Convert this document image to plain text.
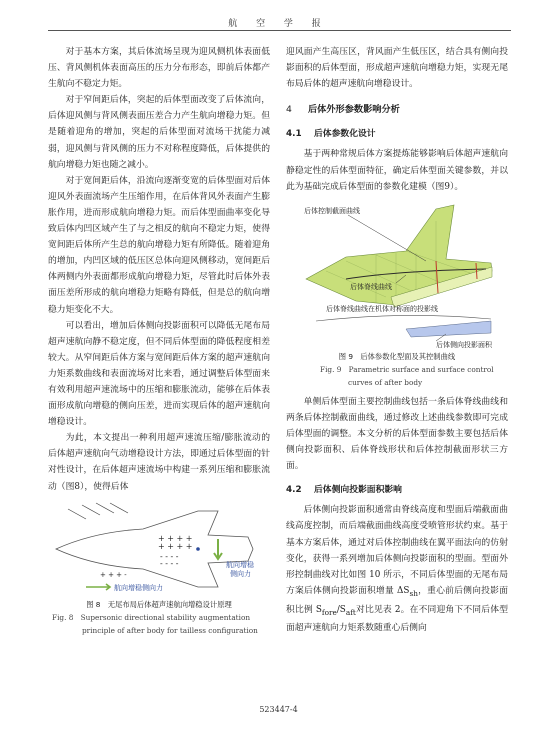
航 空 学 报

对于基本方案，其后体流场呈现为迎风侧机体表面低压、背风侧机体表面高压的压力分布形态，即前后体都产生航向不稳定力矩。

对于窄间距后体，突起的后体型面改变了后体流向，后体迎风侧与背风侧表面压差合力产生航向增稳力矩。但是随着迎角的增加，突起的后体型面对流场干扰能力减弱，迎风侧与背风侧的压力不对称程度降低，后体提供的航向增稳力矩也随之减小。

对于宽间距后体，沿流向逐渐变宽的后体型面对后体迎风外表面流场产生压缩作用，在后体背风外表面产生膨胀作用，进而形成航向增稳力矩。而后体型面曲率变化导致后体内凹区域产生了与之相反的航向不稳定力矩，使得宽间距后体所产生总的航向增稳力矩有所降低。随着迎角的增加，内凹区域的低压区总体向迎风侧移动，宽间距后体两侧内外表面都形成航向增稳力矩，尽管此时后体外表面压差所形成的航向增稳力矩略有降低，但是总的航向增稳力矩变化不大。

可以看出，增加后体侧向投影面积可以降低无尾布局超声速航向静不稳定度，但不同后体型面的降低程度相差较大。从窄间距后体方案与宽间距后体方案的超声速航向力矩系数曲线和表面流场对比来看，通过调整后体型面来有效利用超声速流场中的压缩和膨胀流动，能够在后体表面形成航向增稳的侧向压差，进而实现后体的超声速航向增稳设计。

为此，本文提出一种利用超声速流压缩/膨胀流动的后体超声速航向气动增稳设计方法，即通过后体型面的针对性设计，在后体超声速流场中构建一系列压缩和膨胀流动（图8），使得后体

+ + + +
+ + + +
- - - -
- - - -
+ + + -
航向增稳
侧向力
航向增稳侧向力

图 8　无尾布局后体超声速航向增稳设计原理

Fig. 8　Supersonic directional stability augmentation

principle of after body for tailless configuration

迎风面产生高压区，背风面产生低压区，结合具有侧向投影面积的后体型面，形成超声速航向增稳力矩，实现无尾布局后体的超声速航向增稳设计。

4 后体外形参数影响分析
4.1 后体参数化设计

基于两种常规后体方案提炼能够影响后体超声速航向静稳定性的后体型面特征，确定后体型面关键参数，并以此为基础完成后体型面的参数化建模（图9）。

后体控制截面曲线
后体脊线曲线
后体脊线曲线在机体对称面的投影线
后体侧向投影面积

图 9　后体参数化型面及其控制曲线

Fig. 9　Parametric surface and surface control

curves of after body

单侧后体型面主要控制曲线包括一条后体脊线曲线和两条后体控制截面曲线，通过修改上述曲线参数即可完成后体型面的调整。本文分析的后体型面参数主要包括后体侧向投影面积、后体脊线形状和后体控制截面形状三方面。

4.2 后体侧向投影面积影响

后体侧向投影面积通常由脊线高度和型面后端截面曲线高度控制，而后端截面曲线高度受喷管形状约束。基于基本方案后体，通过对后体控制曲线在翼平面法向的仿射变化，获得一系列增加后体侧向投影面积的型面。型面外形控制曲线对比如图 10 所示，不同后体型面的无尾布局方案后体侧向投影面积增量 $\Delta S_{sh}$，重心前后侧向投影面积比例 $S_{fore}/S_{aft}$对比见表 2。在不同迎角下不同后体型面超声速航向力矩系数随重心后侧向

523447-4
